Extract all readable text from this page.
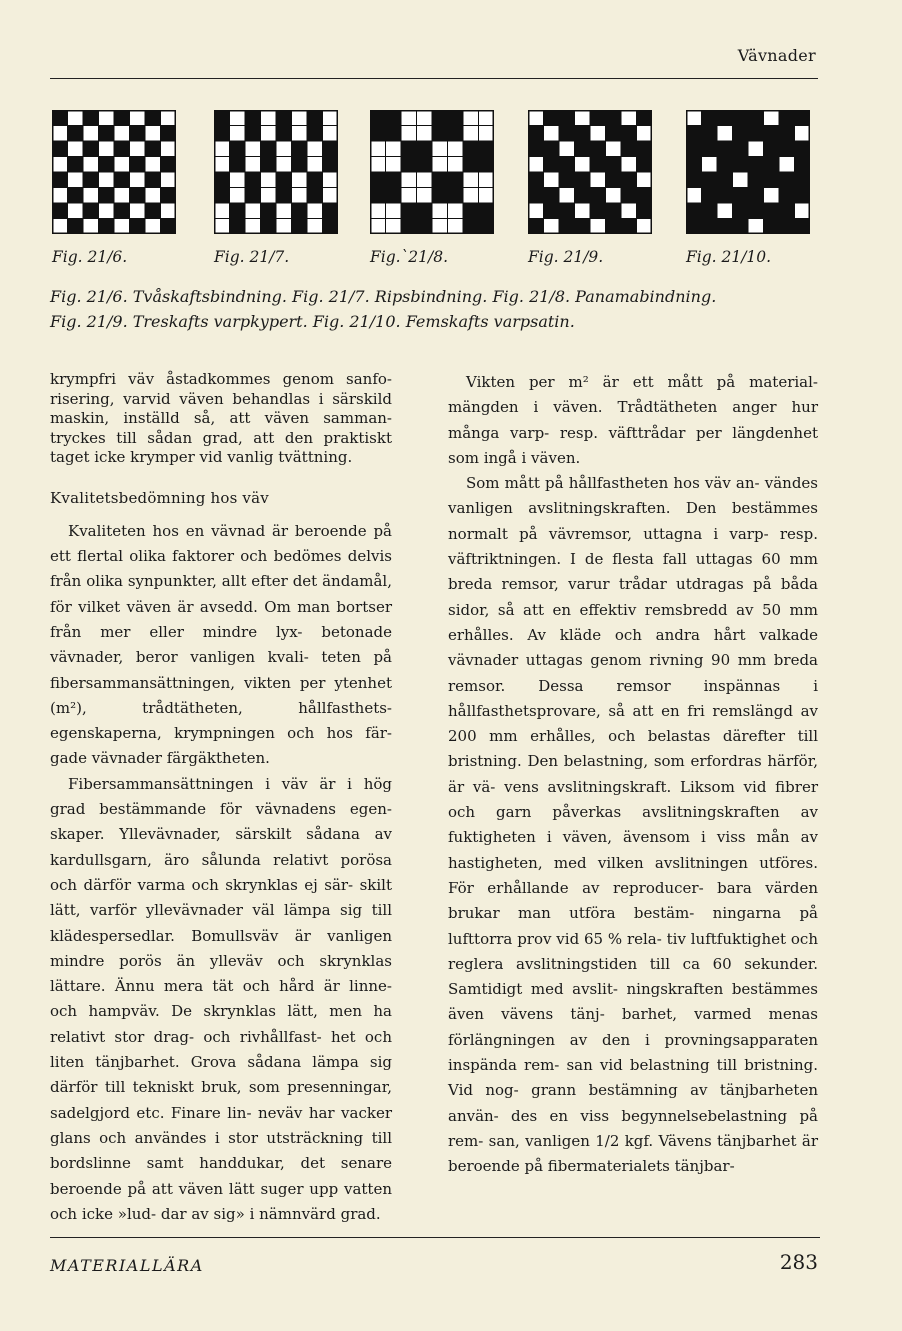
Vävnader
Fig. 21/6.	Fig. 21/7.	Fig.`21/8.	Fig. 21/9.	Fig. 21/10.

Fig. 21/6. Tvåskaftsbindning. Fig. 21/7. Ripsbindning. Fig. 21/8. Panamabindning.

Fig. 21/9. Treskafts varpkypert. Fig. 21/10. Femskafts varpsatin.

krympfri väv åstadkommes genom sanfo- risering, varvid väven behandlas i särskild maskin, inställd så, att väven samman- tryckes till sådan grad, att den praktiskt taget icke krymper vid vanlig tvättning.

Kvalitetsbedömning hos väv

Kvaliteten hos en vävnad är beroende på ett flertal olika faktorer och bedömes delvis från olika synpunkter, allt efter det ändamål, för vilket väven är avsedd. Om man bortser från mer eller mindre lyx- betonade vävnader, beror vanligen kvali- teten på fibersammansättningen, vikten per ytenhet (m²), trådtätheten, hållfasthets- egenskaperna, krympningen och hos fär- gade vävnader färgäktheten.

Fibersammansättningen i väv är i hög grad bestämmande för vävnadens egen- skaper. Yllevävnader, särskilt sådana av kardullsgarn, äro sålunda relativt porösa och därför varma och skrynklas ej sär- skilt lätt, varför yllevävnader väl lämpa sig till klädespersedlar. Bomullsväv är vanligen mindre porös än ylleväv och skrynklas lättare. Ännu mera tät och hård är linne- och hampväv. De skrynklas lätt, men ha relativt stor drag- och rivhållfast- het och liten tänjbarhet. Grova sådana lämpa sig därför till tekniskt bruk, som presenningar, sadelgjord etc. Finare lin- neväv har vacker glans och användes i stor utsträckning till bordslinne samt handdukar, det senare beroende på att väven lätt suger upp vatten och icke »lud- dar av sig» i nämnvärd grad.

Vikten per m² är ett mått på material- mängden i väven. Trådtätheten anger hur många varp- resp. väfttrådar per längdenhet som ingå i väven.

Som mått på hållfastheten hos väv an- vändes vanligen avslitningskraften. Den bestämmes normalt på vävremsor, uttagna i varp- resp. väftriktningen. I de flesta fall uttagas 60 mm breda remsor, varur trådar utdragas på båda sidor, så att en effektiv remsbredd av 50 mm erhålles. Av kläde och andra hårt valkade vävnader uttagas genom rivning 90 mm breda remsor. Dessa remsor inspännas i hållfasthetsprovare, så att en fri remslängd av 200 mm erhålles, och belastas därefter till bristning. Den belastning, som erfordras härför, är vä- vens avslitningskraft. Liksom vid fibrer och garn påverkas avslitningskraften av fuktigheten i väven, ävensom i viss mån av hastigheten, med vilken avslitningen utföres. För erhållande av reproducer- bara värden brukar man utföra bestäm- ningarna på lufttorra prov vid 65 % rela- tiv luftfuktighet och reglera avslitningstiden till ca 60 sekunder. Samtidigt med avslit- ningskraften bestämmes även vävens tänj- barhet, varmed menas förlängningen av den i provningsapparaten inspända rem- san vid belastning till bristning. Vid nog- grann bestämning av tänjbarheten använ- des en viss begynnelsebelastning på rem- san, vanligen 1/2 kgf. Vävens tänjbarhet är beroende på fibermaterialets tänjbar-

MATERIALLÄRA	283
